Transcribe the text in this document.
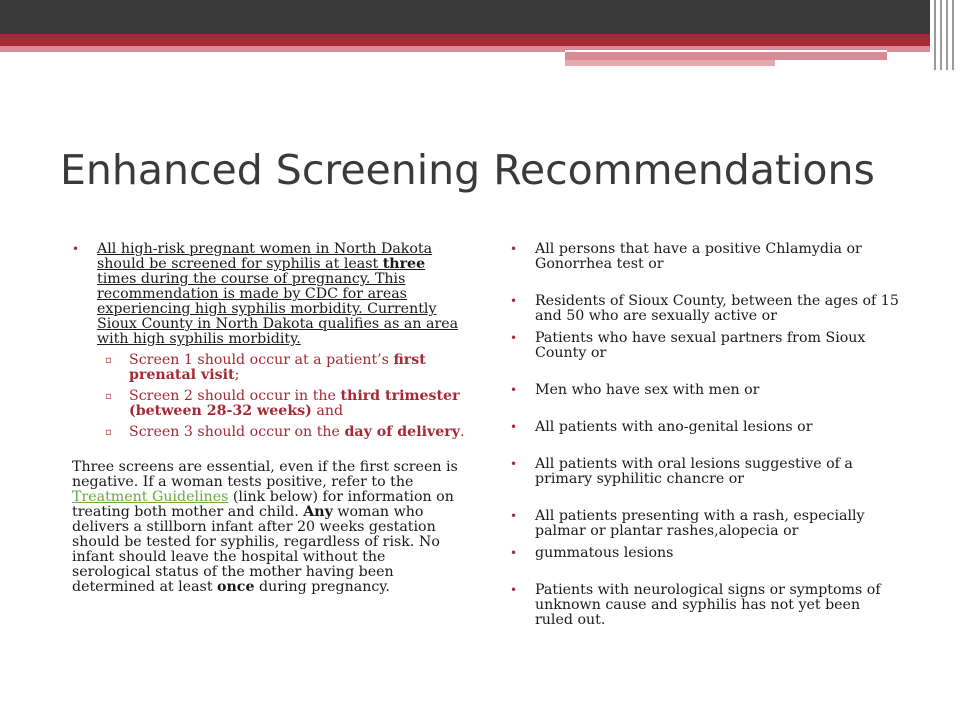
Enhanced Screening Recommendations
• All high-risk pregnant women in North Dakota should be screened for syphilis at least three times during the course of pregnancy. This recommendation is made by CDC for areas experiencing high syphilis morbidity. Currently Sioux County in North Dakota qualifies as an area with high syphilis morbidity.
▫ Screen 1 should occur at a patient’s first prenatal visit;
▫ Screen 2 should occur in the third trimester (between 28-32 weeks) and
▫ Screen 3 should occur on the day of delivery.

Three screens are essential, even if the first screen is negative. If a woman tests positive, refer to the Treatment Guidelines (link below) for information on treating both mother and child. Any woman who delivers a stillborn infant after 20 weeks gestation should be tested for syphilis, regardless of risk. No infant should leave the hospital without the serological status of the mother having been determined at least once during pregnancy.

• All persons that have a positive Chlamydia or Gonorrhea test or
• Residents of Sioux County, between the ages of 15 and 50 who are sexually active or
• Patients who have sexual partners from Sioux County or
• Men who have sex with men or
• All patients with ano-genital lesions or
• All patients with oral lesions suggestive of a primary syphilitic chancre or
• All patients presenting with a rash, especially palmar or plantar rashes,alopecia or
• gummatous lesions
• Patients with neurological signs or symptoms of unknown cause and syphilis has not yet been ruled out.
